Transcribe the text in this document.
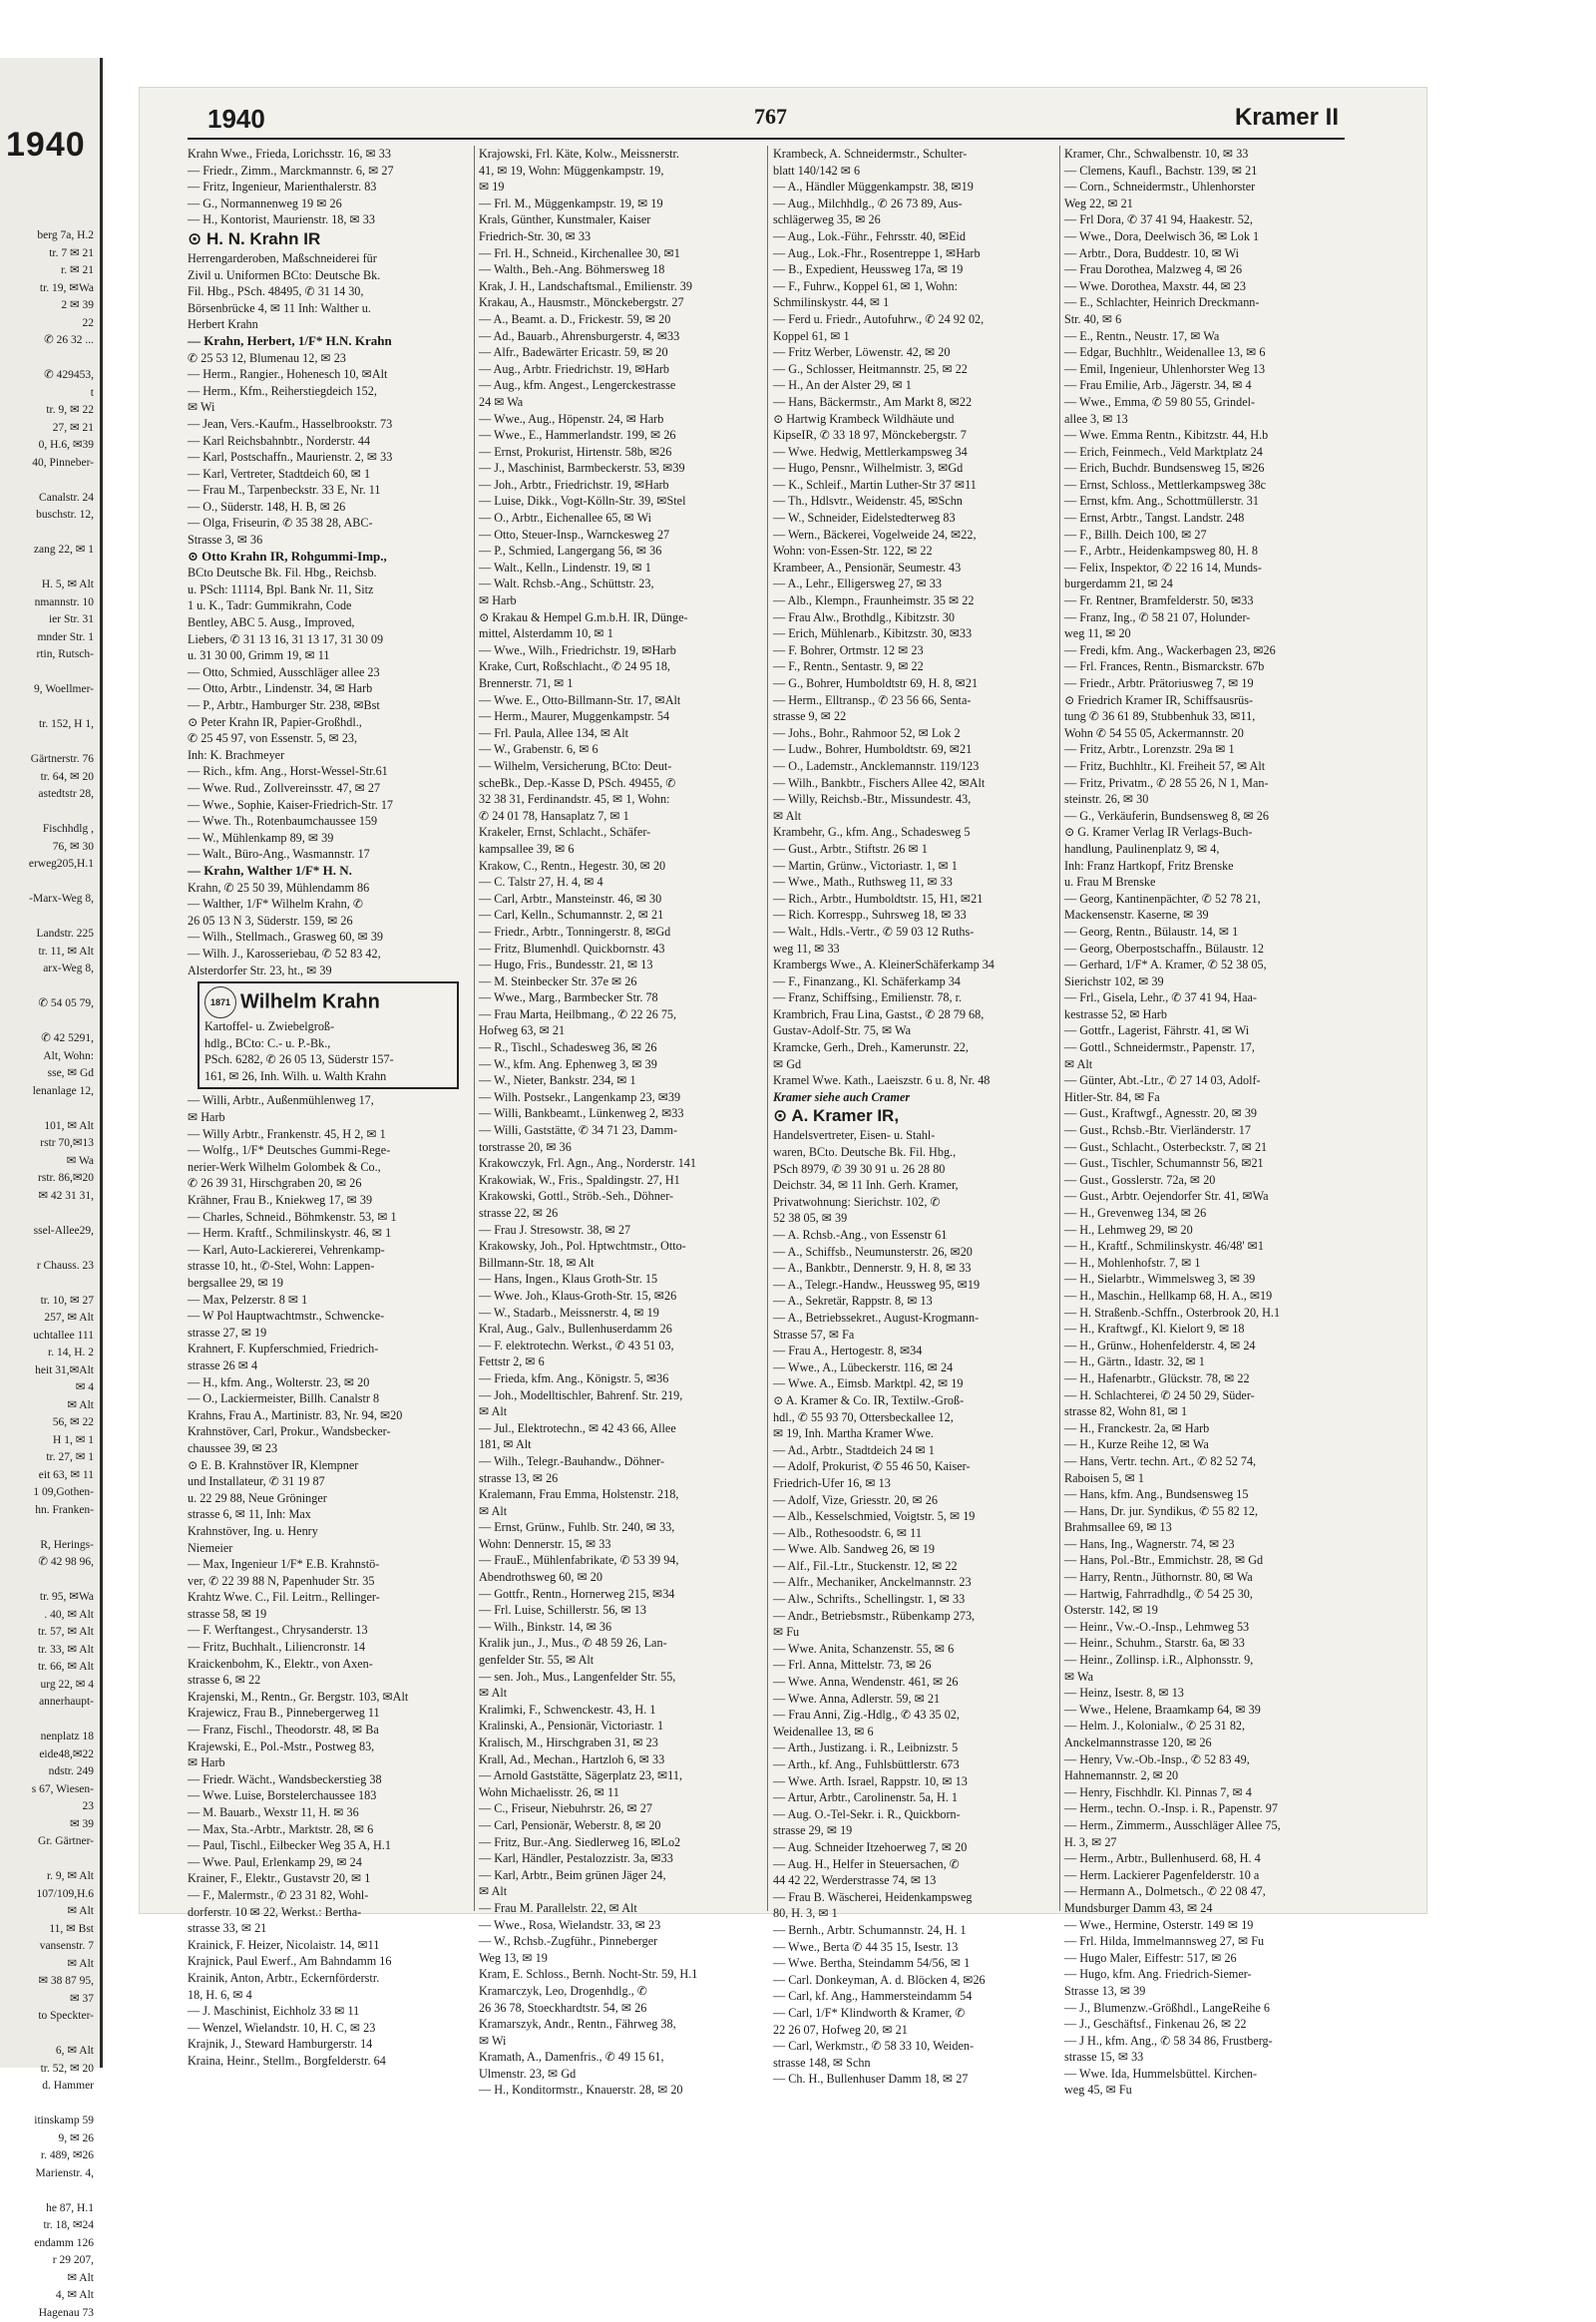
1940
berg 7a, H.2
tr. 7 ✉ 21
r. ✉ 21
tr. 19, ✉Wa
2 ✉ 39
22
✆ 26 32 ...

✆ 429453,
t
tr. 9, ✉ 22
27, ✉ 21
0, H.6, ✉39
40, Pinneber-

Canalstr. 24
buschstr. 12,

zang 22, ✉ 1

H. 5, ✉ Alt
nmannstr. 10
ier Str. 31
mnder Str. 1
rtin, Rutsch-

9, Woellmer-

tr. 152, H 1,

Gärtnerstr. 76
tr. 64, ✉ 20
astedtstr 28,

Fischhdlg ,
76, ✉ 30
erweg205,H.1

-Marx-Weg 8,

Landstr. 225
tr. 11, ✉ Alt
arx-Weg 8,

✆ 54 05 79,

✆ 42 5291,
Alt, Wohn:
sse, ✉ Gd
lenanlage 12,

101, ✉ Alt
rstr 70,✉13
✉ Wa
rstr. 86,✉20
✉ 42 31 31,

ssel-Allee29,

r Chauss. 23

tr. 10, ✉ 27
257, ✉ Alt
uchtallee 111
r. 14, H. 2
heit 31,✉Alt
✉ 4
✉ Alt
56, ✉ 22
H 1, ✉ 1
tr. 27, ✉ 1
eit 63, ✉ 11
1 09,Gothen-
hn. Franken-

R, Herings-
✆ 42 98 96,

tr. 95, ✉Wa
. 40, ✉ Alt
tr. 57, ✉ Alt
tr. 33, ✉ Alt
tr. 66, ✉ Alt
urg 22, ✉ 4
annerhaupt-

nenplatz 18
eide48,✉22
ndstr. 249
s 67, Wiesen-
23
✉ 39
Gr. Gärtner-

r. 9, ✉ Alt
107/109,H.6
✉ Alt
11, ✉ Bst
vansenstr. 7
✉ Alt
✉ 38 87 95,
✉ 37
to Speckter-

6, ✉ Alt
tr. 52, ✉ 20
d. Hammer

itinskamp 59
9, ✉ 26
r. 489, ✉26
Marienstr. 4,

he 87, H.1
tr. 18, ✉24
endamm 126
r 29 207,
✉ Alt
4, ✉ Alt
Hagenau 73
1940	767	Kramer II
Krahn Wwe., Frieda, Lorichsstr. 16, ✉ 33
— Friedr., Zimm., Marckmannstr. 6, ✉ 27
— Fritz, Ingenieur, Marienthalerstr. 83
— G., Normannenweg 19 ✉ 26
— H., Kontorist, Maurienstr. 18, ✉ 33
⊙ H. N. Krahn IR
Herrengarderoben, Maßschneiderei für
Zivil u. Uniformen BCto: Deutsche Bk.
Fil. Hbg., PSch. 48495, ✆ 31 14 30,
Börsenbrücke 4, ✉ 11 Inh: Walther u.
Herbert Krahn
— Krahn, Herbert, 1/F* H.N. Krahn
✆ 25 53 12, Blumenau 12, ✉ 23
— Herm., Rangier., Hohenesch 10, ✉Alt
— Herm., Kfm., Reiherstiegdeich 152,
✉ Wi
— Jean, Vers.-Kaufm., Hasselbrookstr. 73
— Karl Reichsbahnbtr., Norderstr. 44
— Karl, Postschaffn., Maurienstr. 2, ✉ 33
— Karl, Vertreter, Stadtdeich 60, ✉ 1
— Frau M., Tarpenbeckstr. 33 E, Nr. 11
— O., Süderstr. 148, H. B, ✉ 26
— Olga, Friseurin, ✆ 35 38 28, ABC-
Strasse 3, ✉ 36
⊙ Otto Krahn IR, Rohgummi-Imp.,
BCto Deutsche Bk. Fil. Hbg., Reichsb.
u. PSch: 11114, Bpl. Bank Nr. 11, Sitz
1 u. K., Tadr: Gummikrahn, Code
Bentley, ABC 5. Ausg., Improved,
Liebers, ✆ 31 13 16, 31 13 17, 31 30 09
u. 31 30 00, Grimm 19, ✉ 11
— Otto, Schmied, Ausschläger allee 23
— Otto, Arbtr., Lindenstr. 34, ✉ Harb
— P., Arbtr., Hamburger Str. 238, ✉Bst
⊙ Peter Krahn IR, Papier-Großhdl.,
✆ 25 45 97, von Essenstr. 5, ✉ 23,
Inh: K. Brachmeyer
— Rich., kfm. Ang., Horst-Wessel-Str.61
— Wwe. Rud., Zollvereinsstr. 47, ✉ 27
— Wwe., Sophie, Kaiser-Friedrich-Str. 17
— Wwe. Th., Rotenbaumchaussee 159
— W., Mühlenkamp 89, ✉ 39
— Walt., Büro-Ang., Wasmannstr. 17
— Krahn, Walther 1/F* H. N.
Krahn, ✆ 25 50 39, Mühlendamm 86
— Walther, 1/F* Wilhelm Krahn, ✆
26 05 13 N 3, Süderstr. 159, ✉ 26
— Wilh., Stellmach., Grasweg 60, ✉ 39
— Wilh. J., Karosseriebau, ✆ 52 83 42,
Alsterdorfer Str. 23, ht., ✉ 39
1871 Wilhelm Krahn
Kartoffel- u. Zwiebelgroß-
hdlg., BCto: C.- u. P.-Bk.,
PSch. 6282, ✆ 26 05 13, Süderstr 157-
161, ✉ 26, Inh. Wilh. u. Walth Krahn
— Willi, Arbtr., Außenmühlenweg 17,
✉ Harb
— Willy Arbtr., Frankenstr. 45, H 2, ✉ 1
— Wolfg., 1/F* Deutsches Gummi-Rege-
nerier-Werk Wilhelm Golombek & Co.,
✆ 26 39 31, Hirschgraben 20, ✉ 26
Krähner, Frau B., Kniekweg 17, ✉ 39
— Charles, Schneid., Böhmkenstr. 53, ✉ 1
— Herm. Kraftf., Schmilinskystr. 46, ✉ 1
— Karl, Auto-Lackiererei, Vehrenkamp-
strasse 10, ht., ✆-Stel, Wohn: Lappen-
bergsallee 29, ✉ 19
— Max, Pelzerstr. 8 ✉ 1
— W Pol Hauptwachtmstr., Schwencke-
strasse 27, ✉ 19
Krahnert, F. Kupferschmied, Friedrich-
strasse 26 ✉ 4
— H., kfm. Ang., Wolterstr. 23, ✉ 20
— O., Lackiermeister, Billh. Canalstr 8
Krahns, Frau A., Martinistr. 83, Nr. 94, ✉20
Krahnstöver, Carl, Prokur., Wandsbecker-
chaussee 39, ✉ 23
⊙ E. B. Krahnstöver IR, Klempner
und Installateur, ✆ 31 19 87
u. 22 29 88, Neue Gröninger
strasse 6, ✉ 11, Inh: Max
Krahnstöver, Ing. u. Henry
Niemeier
— Max, Ingenieur 1/F* E.B. Krahnstö-
ver, ✆ 22 39 88 N, Papenhuder Str. 35
Krahtz Wwe. C., Fil. Leitrn., Rellinger-
strasse 58, ✉ 19
— F. Werftangest., Chrysanderstr. 13
— Fritz, Buchhalt., Liliencronstr. 14
Kraickenbohm, K., Elektr., von Axen-
strasse 6, ✉ 22
Krajenski, M., Rentn., Gr. Bergstr. 103, ✉Alt
Krajewicz, Frau B., Pinnebergerweg 11
— Franz, Fischl., Theodorstr. 48, ✉ Ba
Krajewski, E., Pol.-Mstr., Postweg 83,
✉ Harb
— Friedr. Wächt., Wandsbeckerstieg 38
— Wwe. Luise, Borstelerchaussee 183
— M. Bauarb., Wexstr 11, H. ✉ 36
— Max, Sta.-Arbtr., Marktstr. 28, ✉ 6
— Paul, Tischl., Eilbecker Weg 35 A, H.1
— Wwe. Paul, Erlenkamp 29, ✉ 24
Krainer, F., Elektr., Gustavstr 20, ✉ 1
— F., Malermstr., ✆ 23 31 82, Wohl-
dorferstr. 10 ✉ 22, Werkst.: Bertha-
strasse 33, ✉ 21
Krainick, F. Heizer, Nicolaistr. 14, ✉11
Krajnick, Paul Ewerf., Am Bahndamm 16
Krainik, Anton, Arbtr., Eckernförderstr.
18, H. 6, ✉ 4
— J. Maschinist, Eichholz 33 ✉ 11
— Wenzel, Wielandstr. 10, H. C, ✉ 23
Krajnik, J., Steward Hamburgerstr. 14
Kraina, Heinr., Stellm., Borgfelderstr. 64
Krajowski, Frl. Käte, Kolw., Meissnerstr.
41, ✉ 19, Wohn: Müggenkampstr. 19,
✉ 19
— Frl. M., Müggenkampstr. 19, ✉ 19
Krals, Günther, Kunstmaler, Kaiser
Friedrich-Str. 30, ✉ 33
— Frl. H., Schneid., Kirchenallee 30, ✉1
— Walth., Beh.-Ang. Böhmersweg 18
Krak, J. H., Landschaftsmal., Emilienstr. 39
Krakau, A., Hausmstr., Mönckebergstr. 27
— A., Beamt. a. D., Frickestr. 59, ✉ 20
— Ad., Bauarb., Ahrensburgerstr. 4, ✉33
— Alfr., Badewärter Ericastr. 59, ✉ 20
— Aug., Arbtr. Friedrichstr. 19, ✉Harb
— Aug., kfm. Angest., Lengerckestrasse
24 ✉ Wa
— Wwe., Aug., Höpenstr. 24, ✉ Harb
— Wwe., E., Hammerlandstr. 199, ✉ 26
— Ernst, Prokurist, Hirtenstr. 58b, ✉26
— J., Maschinist, Barmbeckerstr. 53, ✉39
— Joh., Arbtr., Friedrichstr. 19, ✉Harb
— Luise, Dikk., Vogt-Kölln-Str. 39, ✉Stel
— O., Arbtr., Eichenallee 65, ✉ Wi
— Otto, Steuer-Insp., Warnckesweg 27
— P., Schmied, Langergang 56, ✉ 36
— Walt., Kelln., Lindenstr. 19, ✉ 1
— Walt. Rchsb.-Ang., Schüttstr. 23,
✉ Harb
⊙ Krakau & Hempel G.m.b.H. IR, Dünge-
mittel, Alsterdamm 10, ✉ 1
— Wwe., Wilh., Friedrichstr. 19, ✉Harb
Krake, Curt, Roßschlacht., ✆ 24 95 18,
Brennerstr. 71, ✉ 1
— Wwe. E., Otto-Billmann-Str. 17, ✉Alt
— Herm., Maurer, Muggenkampstr. 54
— Frl. Paula, Allee 134, ✉ Alt
— W., Grabenstr. 6, ✉ 6
— Wilhelm, Versicherung, BCto: Deut-
scheBk., Dep.-Kasse D, PSch. 49455, ✆
32 38 31, Ferdinandstr. 45, ✉ 1, Wohn:
✆ 24 01 78, Hansaplatz 7, ✉ 1
Krakeler, Ernst, Schlacht., Schäfer-
kampsallee 39, ✉ 6
Krakow, C., Rentn., Hegestr. 30, ✉ 20
— C. Talstr 27, H. 4, ✉ 4
— Carl, Arbtr., Mansteinstr. 46, ✉ 30
— Carl, Kelln., Schumannstr. 2, ✉ 21
— Friedr., Arbtr., Tonningerstr. 8, ✉Gd
— Fritz, Blumenhdl. Quickbornstr. 43
— Hugo, Fris., Bundesstr. 21, ✉ 13
— M. Steinbecker Str. 37e ✉ 26
— Wwe., Marg., Barmbecker Str. 78
— Frau Marta, Heilbmang., ✆ 22 26 75,
Hofweg 63, ✉ 21
— R., Tischl., Schadesweg 36, ✉ 26
— W., kfm. Ang. Ephenweg 3, ✉ 39
— W., Nieter, Bankstr. 234, ✉ 1
— Wilh. Postsekr., Langenkamp 23, ✉39
— Willi, Bankbeamt., Lünkenweg 2, ✉33
— Willi, Gaststätte, ✆ 34 71 23, Damm-
torstrasse 20, ✉ 36
Krakowczyk, Frl. Agn., Ang., Norderstr. 141
Krakowiak, W., Fris., Spaldingstr. 27, H1
Krakowski, Gottl., Ströb.-Seh., Döhner-
strasse 22, ✉ 26
— Frau J. Stresowstr. 38, ✉ 27
Krakowsky, Joh., Pol. Hptwchtmstr., Otto-
Billmann-Str. 18, ✉ Alt
— Hans, Ingen., Klaus Groth-Str. 15
— Wwe. Joh., Klaus-Groth-Str. 15, ✉26
— W., Stadarb., Meissnerstr. 4, ✉ 19
Kral, Aug., Galv., Bullenhuserdamm 26
— F. elektrotechn. Werkst., ✆ 43 51 03,
Fettstr 2, ✉ 6
— Frieda, kfm. Ang., Königstr. 5, ✉36
— Joh., Modelltischler, Bahrenf. Str. 219,
✉ Alt
— Jul., Elektrotechn., ✉ 42 43 66, Allee
181, ✉ Alt
— Wilh., Telegr.-Bauhandw., Döhner-
strasse 13, ✉ 26
Kralemann, Frau Emma, Holstenstr. 218,
✉ Alt
— Ernst, Grünw., Fuhlb. Str. 240, ✉ 33,
Wohn: Dennerstr. 15, ✉ 33
— FrauE., Mühlenfabrikate, ✆ 53 39 94,
Abendrothsweg 60, ✉ 20
— Gottfr., Rentn., Hornerweg 215, ✉34
— Frl. Luise, Schillerstr. 56, ✉ 13
— Wilh., Binkstr. 14, ✉ 36
Kralik jun., J., Mus., ✆ 48 59 26, Lan-
genfelder Str. 55, ✉ Alt
— sen. Joh., Mus., Langenfelder Str. 55,
✉ Alt
Kralimki, F., Schwenckestr. 43, H. 1
Kralinski, A., Pensionär, Victoriastr. 1
Kralisch, M., Hirschgraben 31, ✉ 23
Krall, Ad., Mechan., Hartzloh 6, ✉ 33
— Arnold Gaststätte, Sägerplatz 23, ✉11,
Wohn Michaelisstr. 26, ✉ 11
— C., Friseur, Niebuhrstr. 26, ✉ 27
— Carl, Pensionär, Weberstr. 8, ✉ 20
— Fritz, Bur.-Ang. Siedlerweg 16, ✉Lo2
— Karl, Händler, Pestalozzistr. 3a, ✉33
— Karl, Arbtr., Beim grünen Jäger 24,
✉ Alt
— Frau M. Parallelstr. 22, ✉ Alt
— Wwe., Rosa, Wielandstr. 33, ✉ 23
— W., Rchsb.-Zugführ., Pinneberger
Weg 13, ✉ 19
Kram, E. Schloss., Bernh. Nocht-Str. 59, H.1
Kramarczyk, Leo, Drogenhdlg., ✆
26 36 78, Stoeckhardtstr. 54, ✉ 26
Kramarszyk, Andr., Rentn., Fährweg 38,
✉ Wi
Kramath, A., Damenfris., ✆ 49 15 61,
Ulmenstr. 23, ✉ Gd
— H., Konditormstr., Knauerstr. 28, ✉ 20
Krambeck, A. Schneidermstr., Schulter-
blatt 140/142 ✉ 6
— A., Händler Müggenkampstr. 38, ✉19
— Aug., Milchhdlg., ✆ 26 73 89, Aus-
schlägerweg 35, ✉ 26
— Aug., Lok.-Führ., Fehrsstr. 40, ✉Eid
— Aug., Lok.-Fhr., Rosentreppe 1, ✉Harb
— B., Expedient, Heussweg 17a, ✉ 19
— F., Fuhrw., Koppel 61, ✉ 1, Wohn:
Schmilinskystr. 44, ✉ 1
— Ferd u. Friedr., Autofuhrw., ✆ 24 92 02,
Koppel 61, ✉ 1
— Fritz Werber, Löwenstr. 42, ✉ 20
— G., Schlosser, Heitmannstr. 25, ✉ 22
— H., An der Alster 29, ✉ 1
— Hans, Bäckermstr., Am Markt 8, ✉22
⊙ Hartwig Krambeck Wildhäute und
KipseIR, ✆ 33 18 97, Mönckebergstr. 7
— Wwe. Hedwig, Mettlerkampsweg 34
— Hugo, Pensnr., Wilhelmistr. 3, ✉Gd
— K., Schleif., Martin Luther-Str 37 ✉11
— Th., Hdlsvtr., Weidenstr. 45, ✉Schn
— W., Schneider, Eidelstedterweg 83
— Wern., Bäckerei, Vogelweide 24, ✉22,
Wohn: von-Essen-Str. 122, ✉ 22
Krambeer, A., Pensionär, Seumestr. 43
— A., Lehr., Elligersweg 27, ✉ 33
— Alb., Klempn., Fraunheimstr. 35 ✉ 22
— Frau Alw., Brothdlg., Kibitzstr. 30
— Erich, Mühlenarb., Kibitzstr. 30, ✉33
— F. Bohrer, Ortmstr. 12 ✉ 23
— F., Rentn., Sentastr. 9, ✉ 22
— G., Bohrer, Humboldtstr 69, H. 8, ✉21
— Herm., Elltransp., ✆ 23 56 66, Senta-
strasse 9, ✉ 22
— Johs., Bohr., Rahmoor 52, ✉ Lok 2
— Ludw., Bohrer, Humboldtstr. 69, ✉21
— O., Lademstr., Ancklemannstr. 119/123
— Wilh., Bankbtr., Fischers Allee 42, ✉Alt
— Willy, Reichsb.-Btr., Missundestr. 43,
✉ Alt
Krambehr, G., kfm. Ang., Schadesweg 5
— Gust., Arbtr., Stiftstr. 26 ✉ 1
— Martin, Grünw., Victoriastr. 1, ✉ 1
— Wwe., Math., Ruthsweg 11, ✉ 33
— Rich., Arbtr., Humboldtstr. 15, H1, ✉21
— Rich. Korrespp., Suhrsweg 18, ✉ 33
— Walt., Hdls.-Vertr., ✆ 59 03 12 Ruths-
weg 11, ✉ 33
Krambergs Wwe., A. KleinerSchäferkamp 34
— F., Finanzang., Kl. Schäferkamp 34
— Franz, Schiffsing., Emilienstr. 78, r.
Krambrich, Frau Lina, Gastst., ✆ 28 79 68,
Gustav-Adolf-Str. 75, ✉ Wa
Kramcke, Gerh., Dreh., Kamerunstr. 22,
✉ Gd
Kramel Wwe. Kath., Laeiszstr. 6 u. 8, Nr. 48
Kramer siehe auch Cramer
⊙ A. Kramer IR,
Handelsvertreter, Eisen- u. Stahl-
waren, BCto. Deutsche Bk. Fil. Hbg.,
PSch 8979, ✆ 39 30 91 u. 26 28 80
Deichstr. 34, ✉ 11 Inh. Gerh. Kramer,
Privatwohnung: Sierichstr. 102, ✆
52 38 05, ✉ 39
— A. Rchsb.-Ang., von Essenstr 61
— A., Schiffsb., Neumunsterstr. 26, ✉20
— A., Bankbtr., Dennerstr. 9, H. 8, ✉ 33
— A., Telegr.-Handw., Heussweg 95, ✉19
— A., Sekretär, Rappstr. 8, ✉ 13
— A., Betriebssekret., August-Krogmann-
Strasse 57, ✉ Fa
— Frau A., Hertogestr. 8, ✉34
— Wwe., A., Lübeckerstr. 116, ✉ 24
— Wwe. A., Eimsb. Marktpl. 42, ✉ 19
⊙ A. Kramer & Co. IR, Textilw.-Groß-
hdl., ✆ 55 93 70, Ottersbeckallee 12,
✉ 19, Inh. Martha Kramer Wwe.
— Ad., Arbtr., Stadtdeich 24 ✉ 1
— Adolf, Prokurist, ✆ 55 46 50, Kaiser-
Friedrich-Ufer 16, ✉ 13
— Adolf, Vize, Griesstr. 20, ✉ 26
— Alb., Kesselschmied, Voigtstr. 5, ✉ 19
— Alb., Rothesoodstr. 6, ✉ 11
— Wwe. Alb. Sandweg 26, ✉ 19
— Alf., Fil.-Ltr., Stuckenstr. 12, ✉ 22
— Alfr., Mechaniker, Anckelmannstr. 23
— Alw., Schrifts., Schellingstr. 1, ✉ 33
— Andr., Betriebsmstr., Rübenkamp 273,
✉ Fu
— Wwe. Anita, Schanzenstr. 55, ✉ 6
— Frl. Anna, Mittelstr. 73, ✉ 26
— Wwe. Anna, Wendenstr. 461, ✉ 26
— Wwe. Anna, Adlerstr. 59, ✉ 21
— Frau Anni, Zig.-Hdlg., ✆ 43 35 02,
Weidenallee 13, ✉ 6
— Arth., Justizang. i. R., Leibnizstr. 5
— Arth., kf. Ang., Fuhlsbüttlerstr. 673
— Wwe. Arth. Israel, Rappstr. 10, ✉ 13
— Artur, Arbtr., Carolinenstr. 5a, H. 1
— Aug. O.-Tel-Sekr. i. R., Quickborn-
strasse 29, ✉ 19
— Aug. Schneider Itzehoerweg 7, ✉ 20
— Aug. H., Helfer in Steuersachen, ✆
44 42 22, Werderstrasse 74, ✉ 13
— Frau B. Wäscherei, Heidenkampsweg
80, H. 3, ✉ 1
— Bernh., Arbtr. Schumannstr. 24, H. 1
— Wwe., Berta ✆ 44 35 15, Isestr. 13
— Wwe. Bertha, Steindamm 54/56, ✉ 1
— Carl. Donkeyman, A. d. Blöcken 4, ✉26
— Carl, kf. Ang., Hammersteindamm 54
— Carl, 1/F* Klindworth & Kramer, ✆
22 26 07, Hofweg 20, ✉ 21
— Carl, Werkmstr., ✆ 58 33 10, Weiden-
strasse 148, ✉ Schn
— Ch. H., Bullenhuser Damm 18, ✉ 27
Kramer, Chr., Schwalbenstr. 10, ✉ 33
— Clemens, Kaufl., Bachstr. 139, ✉ 21
— Corn., Schneidermstr., Uhlenhorster
Weg 22, ✉ 21
— Frl Dora, ✆ 37 41 94, Haakestr. 52,
— Wwe., Dora, Deelwisch 36, ✉ Lok 1
— Arbtr., Dora, Buddestr. 10, ✉ Wi
— Frau Dorothea, Malzweg 4, ✉ 26
— Wwe. Dorothea, Maxstr. 44, ✉ 23
— E., Schlachter, Heinrich Dreckmann-
Str. 40, ✉ 6
— E., Rentn., Neustr. 17, ✉ Wa
— Edgar, Buchhltr., Weidenallee 13, ✉ 6
— Emil, Ingenieur, Uhlenhorster Weg 13
— Frau Emilie, Arb., Jägerstr. 34, ✉ 4
— Wwe., Emma, ✆ 59 80 55, Grindel-
allee 3, ✉ 13
— Wwe. Emma Rentn., Kibitzstr. 44, H.b
— Erich, Feinmech., Veld Marktplatz 24
— Erich, Buchdr. Bundsensweg 15, ✉26
— Ernst, Schloss., Mettlerkampsweg 38c
— Ernst, kfm. Ang., Schottmüllerstr. 31
— Ernst, Arbtr., Tangst. Landstr. 248
— F., Billh. Deich 100, ✉ 27
— F., Arbtr., Heidenkampsweg 80, H. 8
— Felix, Inspektor, ✆ 22 16 14, Munds-
burgerdamm 21, ✉ 24
— Fr. Rentner, Bramfelderstr. 50, ✉33
— Franz, Ing., ✆ 58 21 07, Holunder-
weg 11, ✉ 20
— Fredi, kfm. Ang., Wackerbagen 23, ✉26
— Frl. Frances, Rentn., Bismarckstr. 67b
— Friedr., Arbtr. Prätoriusweg 7, ✉ 19
⊙ Friedrich Kramer IR, Schiffsausrüs-
tung ✆ 36 61 89, Stubbenhuk 33, ✉11,
Wohn ✆ 54 55 05, Ackermannstr. 20
— Fritz, Arbtr., Lorenzstr. 29a ✉ 1
— Fritz, Buchhltr., Kl. Freiheit 57, ✉ Alt
— Fritz, Privatm., ✆ 28 55 26, N 1, Man-
steinstr. 26, ✉ 30
— G., Verkäuferin, Bundsensweg 8, ✉ 26
⊙ G. Kramer Verlag IR Verlags-Buch-
handlung, Paulinenplatz 9, ✉ 4,
Inh: Franz Hartkopf, Fritz Brenske
u. Frau M Brenske
— Georg, Kantinenpächter, ✆ 52 78 21,
Mackensenstr. Kaserne, ✉ 39
— Georg, Rentn., Bülaustr. 14, ✉ 1
— Georg, Oberpostschaffn., Bülaustr. 12
— Gerhard, 1/F* A. Kramer, ✆ 52 38 05,
Sierichstr 102, ✉ 39
— Frl., Gisela, Lehr., ✆ 37 41 94, Haa-
kestrasse 52, ✉ Harb
— Gottfr., Lagerist, Fährstr. 41, ✉ Wi
— Gottl., Schneidermstr., Papenstr. 17,
✉ Alt
— Günter, Abt.-Ltr., ✆ 27 14 03, Adolf-
Hitler-Str. 84, ✉ Fa
— Gust., Kraftwgf., Agnesstr. 20, ✉ 39
— Gust., Rchsb.-Btr. Vierländerstr. 17
— Gust., Schlacht., Osterbeckstr. 7, ✉ 21
— Gust., Tischler, Schumannstr 56, ✉21
— Gust., Gosslerstr. 72a, ✉ 20
— Gust., Arbtr. Oejendorfer Str. 41, ✉Wa
— H., Grevenweg 134, ✉ 26
— H., Lehmweg 29, ✉ 20
— H., Kraftf., Schmilinskystr. 46/48' ✉1
— H., Mohlenhofstr. 7, ✉ 1
— H., Sielarbtr., Wimmelsweg 3, ✉ 39
— H., Maschin., Hellkamp 68, H. A., ✉19
— H. Straßenb.-Schffn., Osterbrook 20, H.1
— H., Kraftwgf., Kl. Kielort 9, ✉ 18
— H., Grünw., Hohenfelderstr. 4, ✉ 24
— H., Gärtn., Idastr. 32, ✉ 1
— H., Hafenarbtr., Glückstr. 78, ✉ 22
— H. Schlachterei, ✆ 24 50 29, Süder-
strasse 82, Wohn 81, ✉ 1
— H., Franckestr. 2a, ✉ Harb
— H., Kurze Reihe 12, ✉ Wa
— Hans, Vertr. techn. Art., ✆ 82 52 74,
Raboisen 5, ✉ 1
— Hans, kfm. Ang., Bundsensweg 15
— Hans, Dr. jur. Syndikus, ✆ 55 82 12,
Brahmsallee 69, ✉ 13
— Hans, Ing., Wagnerstr. 74, ✉ 23
— Hans, Pol.-Btr., Emmichstr. 28, ✉ Gd
— Harry, Rentn., Jüthornstr. 80, ✉ Wa
— Hartwig, Fahrradhdlg., ✆ 54 25 30,
Osterstr. 142, ✉ 19
— Heinr., Vw.-O.-Insp., Lehmweg 53
— Heinr., Schuhm., Starstr. 6a, ✉ 33
— Heinr., Zollinsp. i.R., Alphonsstr. 9,
✉ Wa
— Heinz, Isestr. 8, ✉ 13
— Wwe., Helene, Braamkamp 64, ✉ 39
— Helm. J., Kolonialw., ✆ 25 31 82,
Anckelmannstrasse 120, ✉ 26
— Henry, Vw.-Ob.-Insp., ✆ 52 83 49,
Hahnemannstr. 2, ✉ 20
— Henry, Fischhdlr. Kl. Pinnas 7, ✉ 4
— Herm., techn. O.-Insp. i. R., Papenstr. 97
— Herm., Zimmerm., Ausschläger Allee 75,
H. 3, ✉ 27
— Herm., Arbtr., Bullenhuserd. 68, H. 4
— Herm. Lackierer Pagenfelderstr. 10 a
— Hermann A., Dolmetsch., ✆ 22 08 47,
Mundsburger Damm 43, ✉ 24
— Wwe., Hermine, Osterstr. 149 ✉ 19
— Frl. Hilda, Immelmannsweg 27, ✉ Fu
— Hugo Maler, Eiffestr: 517, ✉ 26
— Hugo, kfm. Ang. Friedrich-Siemer-
Strasse 13, ✉ 39
— J., Blumenzw.-Größhdl., LangeReihe 6
— J., Geschäftsf., Finkenau 26, ✉ 22
— J H., kfm. Ang., ✆ 58 34 86, Frustberg-
strasse 15, ✉ 33
— Wwe. Ida, Hummelsbüttel. Kirchen-
weg 45, ✉ Fu
